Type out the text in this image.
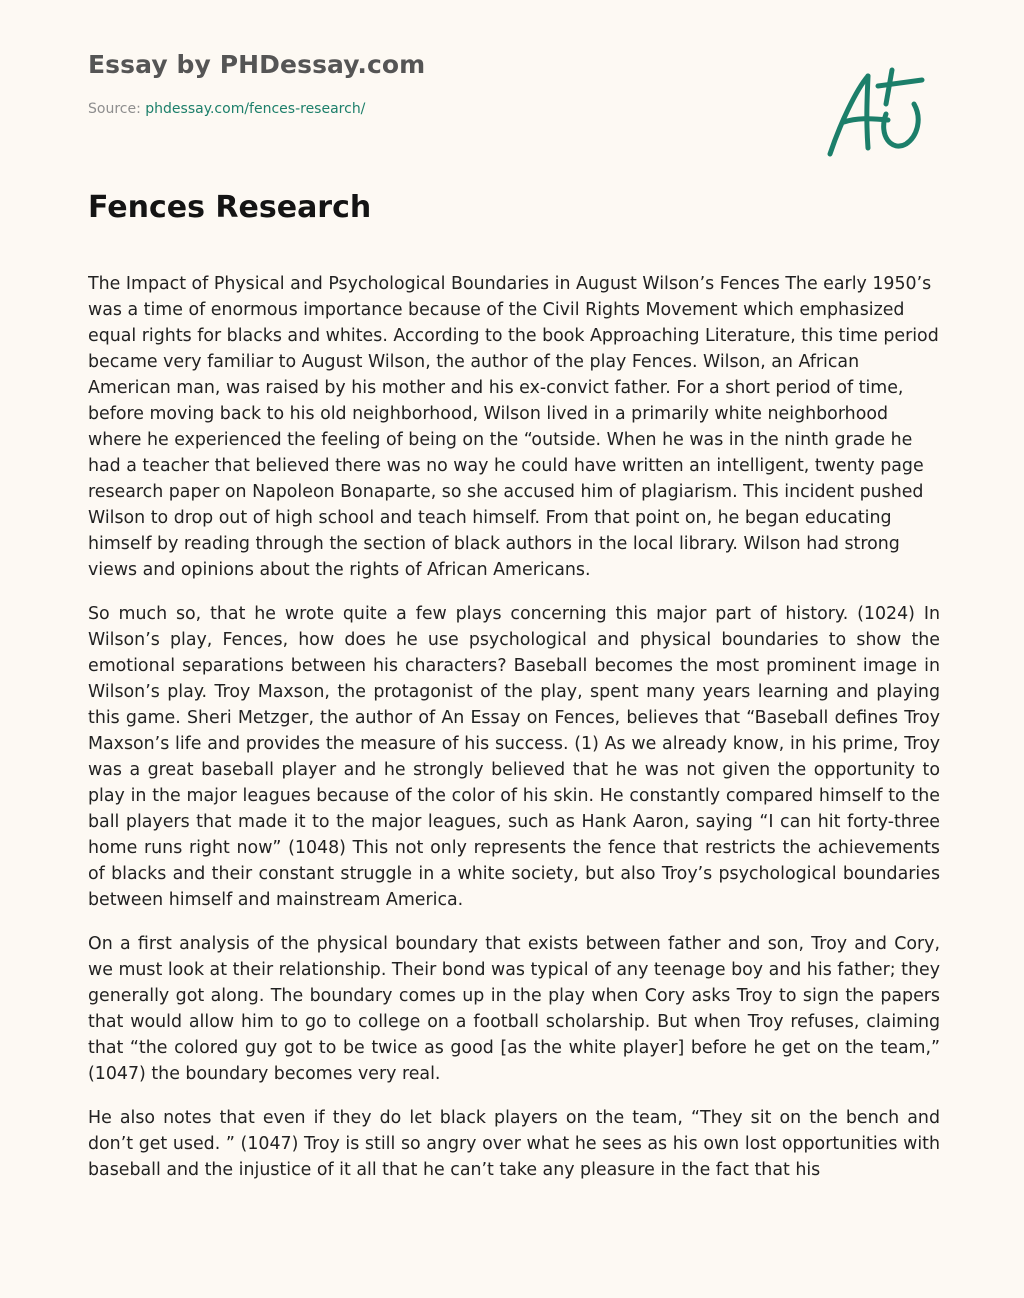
Essay by PHDessay.com
Source: phdessay.com/fences-research/
Fences Research

The Impact of Physical and Psychological Boundaries in August Wilson’s Fences The early 1950’s was a time of enormous importance because of the Civil Rights Movement which emphasized equal rights for blacks and whites. According to the book Approaching Literature, this time period became very familiar to August Wilson, the author of the play Fences. Wilson, an African American man, was raised by his mother and his ex-convict father. For a short period of time, before moving back to his old neighborhood, Wilson lived in a primarily white neighborhood where he experienced the feeling of being on the “outside. When he was in the ninth grade he had a teacher that believed there was no way he could have written an intelligent, twenty page research paper on Napoleon Bonaparte, so she accused him of plagiarism. This incident pushed Wilson to drop out of high school and teach himself. From that point on, he began educating himself by reading through the section of black authors in the local library. Wilson had strong views and opinions about the rights of African Americans.

So much so, that he wrote quite a few plays concerning this major part of history. (1024) In Wilson’s play, Fences, how does he use psychological and physical boundaries to show the emotional separations between his characters? Baseball becomes the most prominent image in Wilson’s play. Troy Maxson, the protagonist of the play, spent many years learning and playing this game. Sheri Metzger, the author of An Essay on Fences, believes that “Baseball defines Troy Maxson’s life and provides the measure of his success. (1) As we already know, in his prime, Troy was a great baseball player and he strongly believed that he was not given the opportunity to play in the major leagues because of the color of his skin. He constantly compared himself to the ball players that made it to the major leagues, such as Hank Aaron, saying “I can hit forty-three home runs right now” (1048) This not only represents the fence that restricts the achievements of blacks and their constant struggle in a white society, but also Troy’s psychological boundaries between himself and mainstream America.

On a first analysis of the physical boundary that exists between father and son, Troy and Cory, we must look at their relationship. Their bond was typical of any teenage boy and his father; they generally got along. The boundary comes up in the play when Cory asks Troy to sign the papers that would allow him to go to college on a football scholarship. But when Troy refuses, claiming that “the colored guy got to be twice as good [as the white player] before he get on the team,” (1047) the boundary becomes very real.

He also notes that even if they do let black players on the team, “They sit on the bench and don’t get used. ” (1047) Troy is still so angry over what he sees as his own lost opportunities with baseball and the injustice of it all that he can’t take any pleasure in the fact that his
